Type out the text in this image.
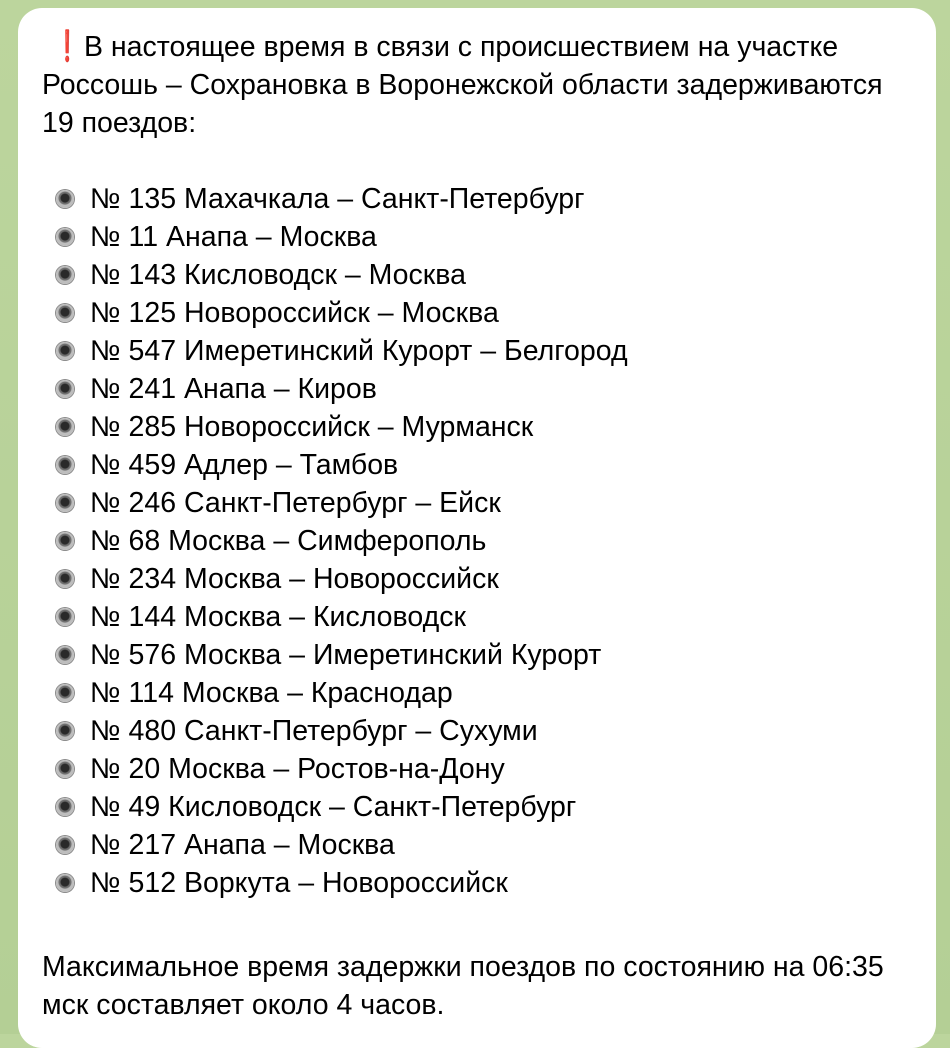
❗ В настоящее время в связи с происшествием на участке Россошь – Сохрановка в Воронежской области задерживаются 19 поездов:

№ 135 Махачкала – Санкт-Петербург
№ 11 Анапа – Москва
№ 143 Кисловодск – Москва
№ 125 Новороссийск – Москва
№ 547 Имеретинский Курорт – Белгород
№ 241 Анапа – Киров
№ 285 Новороссийск – Мурманск
№ 459 Адлер – Тамбов
№ 246 Санкт-Петербург – Ейск
№ 68 Москва – Симферополь
№ 234 Москва – Новороссийск
№ 144 Москва – Кисловодск
№ 576 Москва – Имеретинский Курорт
№ 114 Москва – Краснодар
№ 480 Санкт-Петербург – Сухуми
№ 20 Москва – Ростов-на-Дону
№ 49 Кисловодск – Санкт-Петербург
№ 217 Анапа – Москва
№ 512 Воркута – Новороссийск

Максимальное время задержки поездов по состоянию на 06:35 мск составляет около 4 часов.
